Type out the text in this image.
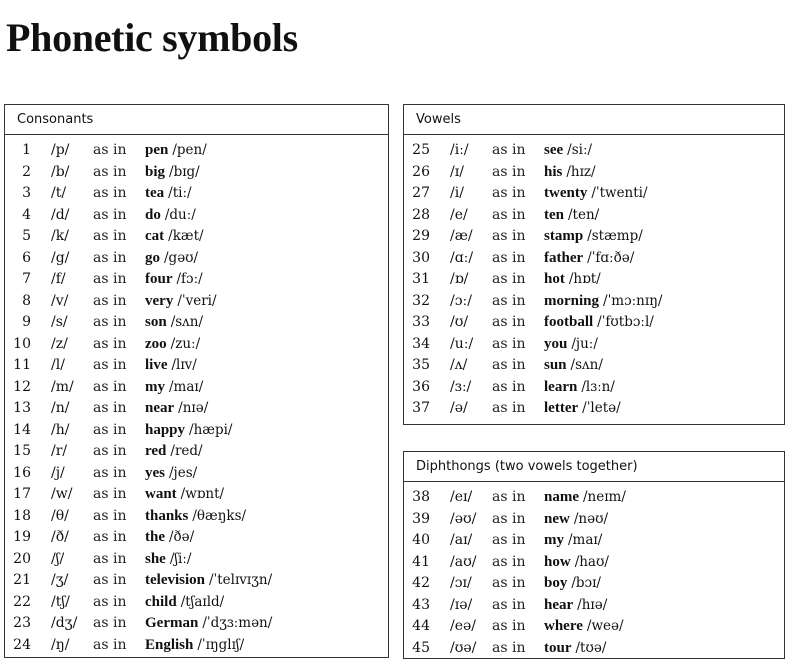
Phonetic symbols
Consonants
1 /p/ as in pen /pen/
2 /b/ as in big /bɪg/
3 /t/ as in tea /tiː/
4 /d/ as in do /duː/
5 /k/ as in cat /kæt/
6 /g/ as in go /gəʊ/
7 /f/ as in four /fɔː/
8 /v/ as in very /ˈveri/
9 /s/ as in son /sʌn/
10 /z/ as in zoo /zuː/
11 /l/ as in live /lɪv/
12 /m/ as in my /maɪ/
13 /n/ as in near /nɪə/
14 /h/ as in happy /hæpi/
15 /r/ as in red /red/
16 /j/ as in yes /jes/
17 /w/ as in want /wɒnt/
18 /θ/ as in thanks /θæŋks/
19 /ð/ as in the /ðə/
20 /ʃ/ as in she /ʃiː/
21 /ʒ/ as in television /ˈtelɪvɪʒn/
22 /tʃ/ as in child /tʃaɪld/
23 /dʒ/ as in German /ˈdʒɜːmən/
24 /ŋ/ as in English /ˈɪŋglɪʃ/
Vowels
25 /iː/ as in see /siː/
26 /ɪ/ as in his /hɪz/
27 /i/ as in twenty /ˈtwenti/
28 /e/ as in ten /ten/
29 /æ/ as in stamp /stæmp/
30 /ɑː/ as in father /ˈfɑːðə/
31 /ɒ/ as in hot /hɒt/
32 /ɔː/ as in morning /ˈmɔːnɪŋ/
33 /ʊ/ as in football /ˈfʊtbɔːl/
34 /uː/ as in you /juː/
35 /ʌ/ as in sun /sʌn/
36 /ɜː/ as in learn /lɜːn/
37 /ə/ as in letter /ˈletə/
Diphthongs (two vowels together)
38 /eɪ/ as in name /neɪm/
39 /əʊ/ as in new /nəʊ/
40 /aɪ/ as in my /maɪ/
41 /aʊ/ as in how /haʊ/
42 /ɔɪ/ as in boy /bɔɪ/
43 /ɪə/ as in hear /hɪə/
44 /eə/ as in where /weə/
45 /ʊə/ as in tour /tʊə/
